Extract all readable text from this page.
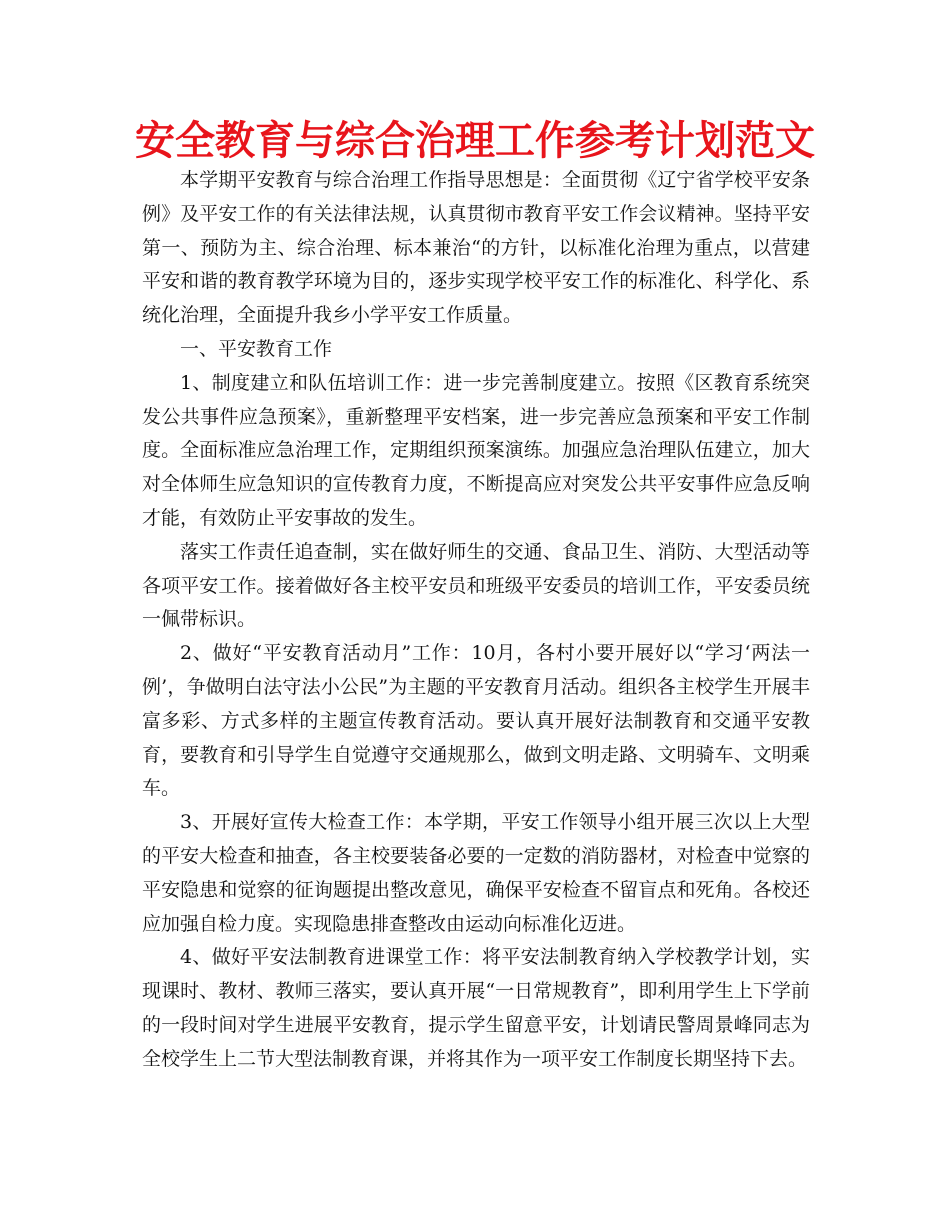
安全教育与综合治理工作参考计划范文

本学期平安教育与综合治理工作指导思想是：全面贯彻《辽宁省学校平安条例》及平安工作的有关法律法规，认真贯彻市教育平安工作会议精神。坚持平安第一、预防为主、综合治理、标本兼治“的方针，以标准化治理为重点，以营建平安和谐的教育教学环境为目的，逐步实现学校平安工作的标准化、科学化、系统化治理，全面提升我乡小学平安工作质量。

一、平安教育工作

1、制度建立和队伍培训工作：进一步完善制度建立。按照《区教育系统突发公共事件应急预案》，重新整理平安档案，进一步完善应急预案和平安工作制度。全面标准应急治理工作，定期组织预案演练。加强应急治理队伍建立，加大对全体师生应急知识的宣传教育力度，不断提高应对突发公共平安事件应急反响才能，有效防止平安事故的发生。

落实工作责任追查制，实在做好师生的交通、食品卫生、消防、大型活动等各项平安工作。接着做好各主校平安员和班级平安委员的培训工作，平安委员统一佩带标识。

2、做好“平安教育活动月”工作：10月，各村小要开展好以“学习‘两法一例’，争做明白法守法小公民”为主题的平安教育月活动。组织各主校学生开展丰富多彩、方式多样的主题宣传教育活动。要认真开展好法制教育和交通平安教育，要教育和引导学生自觉遵守交通规那么，做到文明走路、文明骑车、文明乘车。

3、开展好宣传大检查工作：本学期，平安工作领导小组开展三次以上大型的平安大检查和抽查，各主校要装备必要的一定数的消防器材，对检查中觉察的平安隐患和觉察的征询题提出整改意见，确保平安检查不留盲点和死角。各校还应加强自检力度。实现隐患排查整改由运动向标准化迈进。

4、做好平安法制教育进课堂工作：将平安法制教育纳入学校教学计划，实现课时、教材、教师三落实，要认真开展“一日常规教育”，即利用学生上下学前的一段时间对学生进展平安教育，提示学生留意平安，计划请民警周景峰同志为全校学生上二节大型法制教育课，并将其作为一项平安工作制度长期坚持下去。
